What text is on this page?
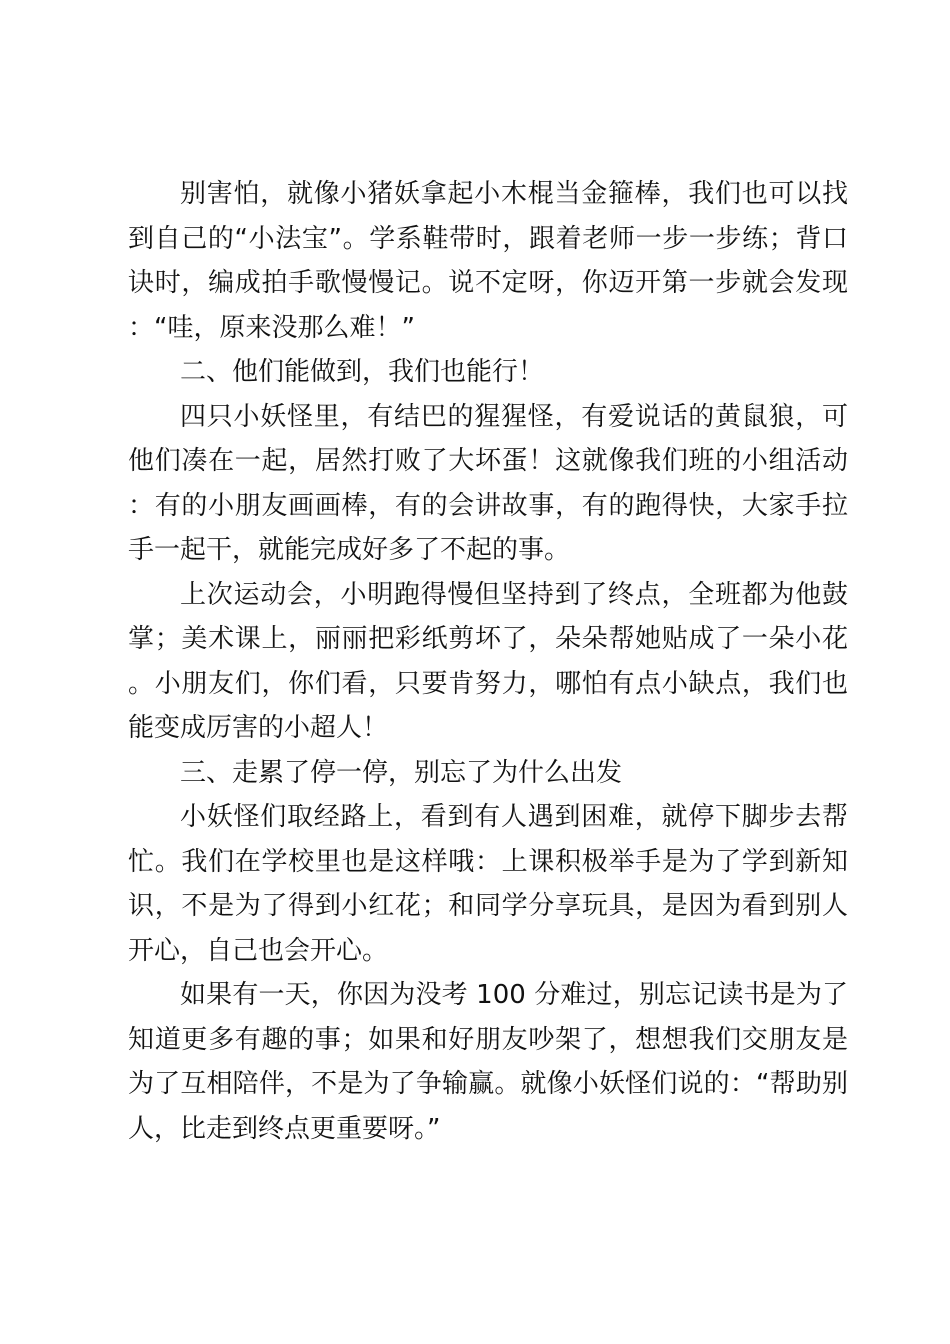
别害怕，就像小猪妖拿起小木棍当金箍棒，我们也可以找到自己的“小法宝”。学系鞋带时，跟着老师一步一步练；背口诀时，编成拍手歌慢慢记。说不定呀，你迈开第一步就会发现：“哇，原来没那么难！”

二、他们能做到，我们也能行！

四只小妖怪里，有结巴的猩猩怪，有爱说话的黄鼠狼，可他们凑在一起，居然打败了大坏蛋！这就像我们班的小组活动：有的小朋友画画棒，有的会讲故事，有的跑得快，大家手拉手一起干，就能完成好多了不起的事。

上次运动会，小明跑得慢但坚持到了终点，全班都为他鼓掌；美术课上，丽丽把彩纸剪坏了，朵朵帮她贴成了一朵小花。小朋友们，你们看，只要肯努力，哪怕有点小缺点，我们也能变成厉害的小超人！

三、走累了停一停，别忘了为什么出发

小妖怪们取经路上，看到有人遇到困难，就停下脚步去帮忙。我们在学校里也是这样哦：上课积极举手是为了学到新知识，不是为了得到小红花；和同学分享玩具，是因为看到别人开心，自己也会开心。

如果有一天，你因为没考 100 分难过，别忘记读书是为了知道更多有趣的事；如果和好朋友吵架了，想想我们交朋友是为了互相陪伴，不是为了争输赢。就像小妖怪们说的：“帮助别人，比走到终点更重要呀。”
